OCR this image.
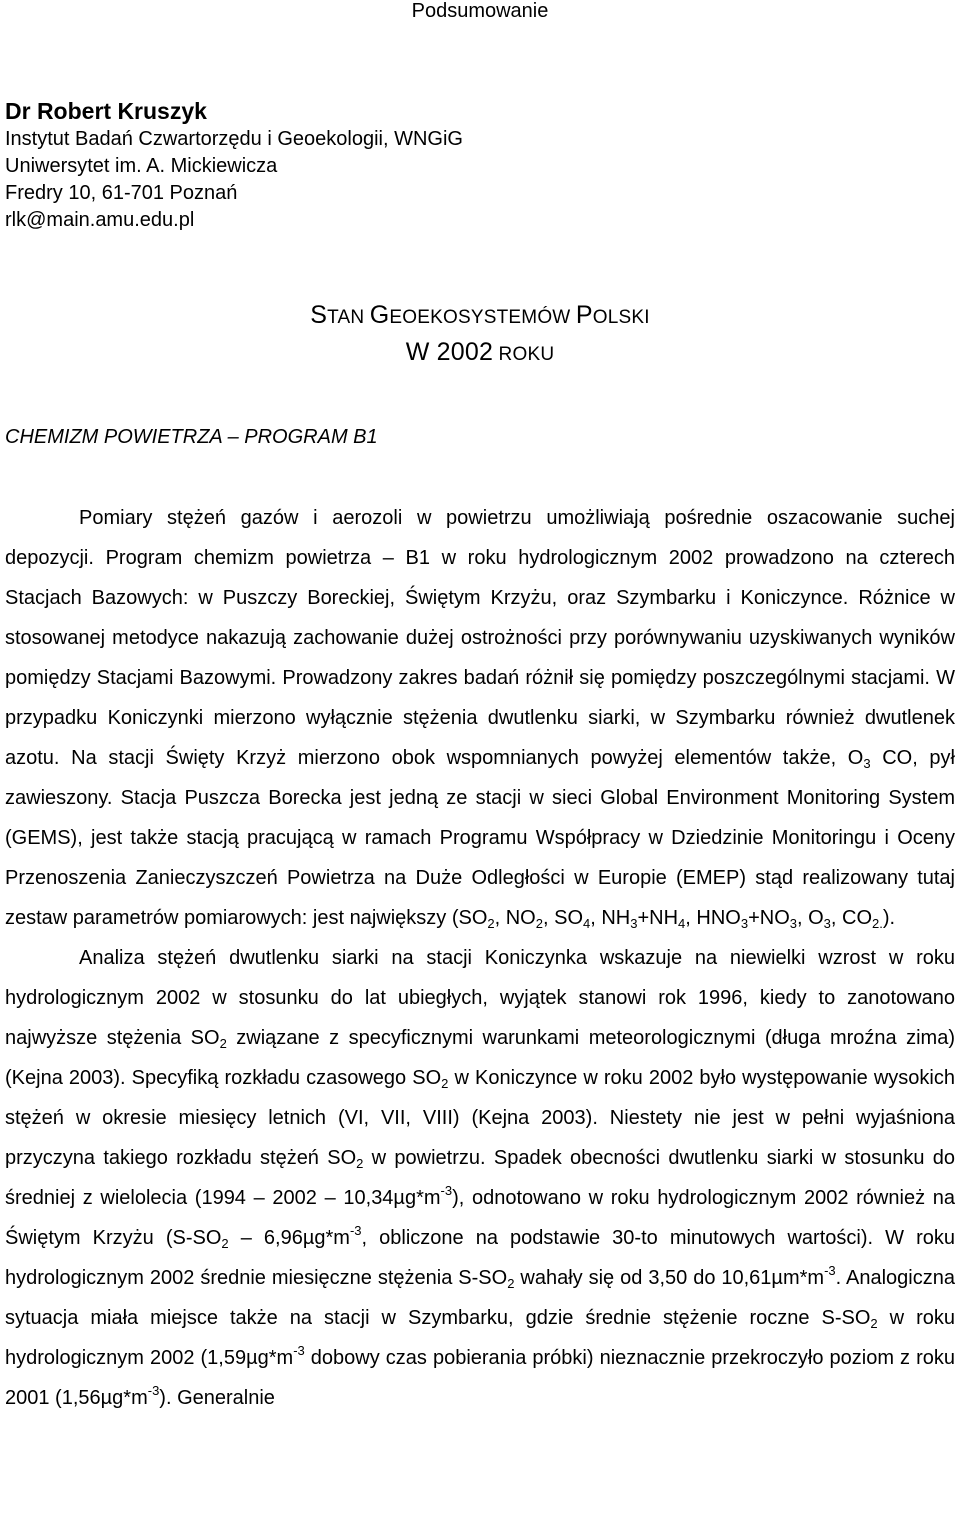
Podsumowanie
Dr Robert Kruszyk
Instytut Badań Czwartorzędu i Geoekologii, WNGiG
Uniwersytet im. A. Mickiewicza
Fredry 10, 61-701 Poznań
rlk@main.amu.edu.pl
STAN GEOEKOSYSTEMÓW POLSKI
W 2002 ROKU
CHEMIZM POWIETRZA – PROGRAM B1

Pomiary stężeń gazów i aerozoli w powietrzu umożliwiają pośrednie oszacowanie suchej depozycji. Program chemizm powietrza – B1 w roku hydrologicznym 2002 prowadzono na czterech Stacjach Bazowych: w Puszczy Boreckiej, Świętym Krzyżu, oraz Szymbarku i Koniczynce. Różnice w stosowanej metodyce nakazują zachowanie dużej ostrożności przy porównywaniu uzyskiwanych wyników pomiędzy Stacjami Bazowymi. Prowadzony zakres badań różnił się pomiędzy poszczególnymi stacjami. W przypadku Koniczynki mierzono wyłącznie stężenia dwutlenku siarki, w Szymbarku również dwutlenek azotu. Na stacji Święty Krzyż mierzono obok wspomnianych powyżej elementów także, $O_3$ CO, pył zawieszony. Stacja Puszcza Borecka jest jedną ze stacji w sieci Global Environment Monitoring System (GEMS), jest także stacją pracującą w ramach Programu Współpracy w Dziedzinie Monitoringu i Oceny Przenoszenia Zanieczyszczeń Powietrza na Duże Odległości w Europie (EMEP) stąd realizowany tutaj zestaw parametrów pomiarowych: jest największy ($SO_2$, $NO_2$, $SO_4$, $NH_3+NH_4$, $HNO_3+NO_3$, $O_3$, $CO_{2.}$).

Analiza stężeń dwutlenku siarki na stacji Koniczynka wskazuje na niewielki wzrost w roku hydrologicznym 2002 w stosunku do lat ubiegłych, wyjątek stanowi rok 1996, kiedy to zanotowano najwyższe stężenia $SO_2$ związane z specyficznymi warunkami meteorologicznymi (długa mroźna zima) (Kejna 2003). Specyfiką rozkładu czasowego $SO_2$ w Koniczynce w roku 2002 było występowanie wysokich stężeń w okresie miesięcy letnich (VI, VII, VIII) (Kejna 2003). Niestety nie jest w pełni wyjaśniona przyczyna takiego rozkładu stężeń $SO_2$ w powietrzu. Spadek obecności dwutlenku siarki w stosunku do średniej z wielolecia $(1994 - 2002 - 10,34\mu g*m^{-3})$, odnotowano w roku hydrologicznym 2002 również na Świętym Krzyżu ($S-SO_2 - 6,96\mu g*m^{-3}$, obliczone na podstawie 30-to minutowych wartości). W roku hydrologicznym 2002 średnie miesięczne stężenia $S-SO_2$ wahały się od 3,50 do $10,61\mu m*m^{-3}$. Analogiczna sytuacja miała miejsce także na stacji w Szymbarku, gdzie średnie stężenie roczne $S-SO_2$ w roku hydrologicznym 2002 ($1,59\mu g*m^{-3}$ dobowy czas pobierania próbki) nieznacznie przekroczyło poziom z roku 2001 $(1,56\mu g*m^{-3})$. Generalnie
